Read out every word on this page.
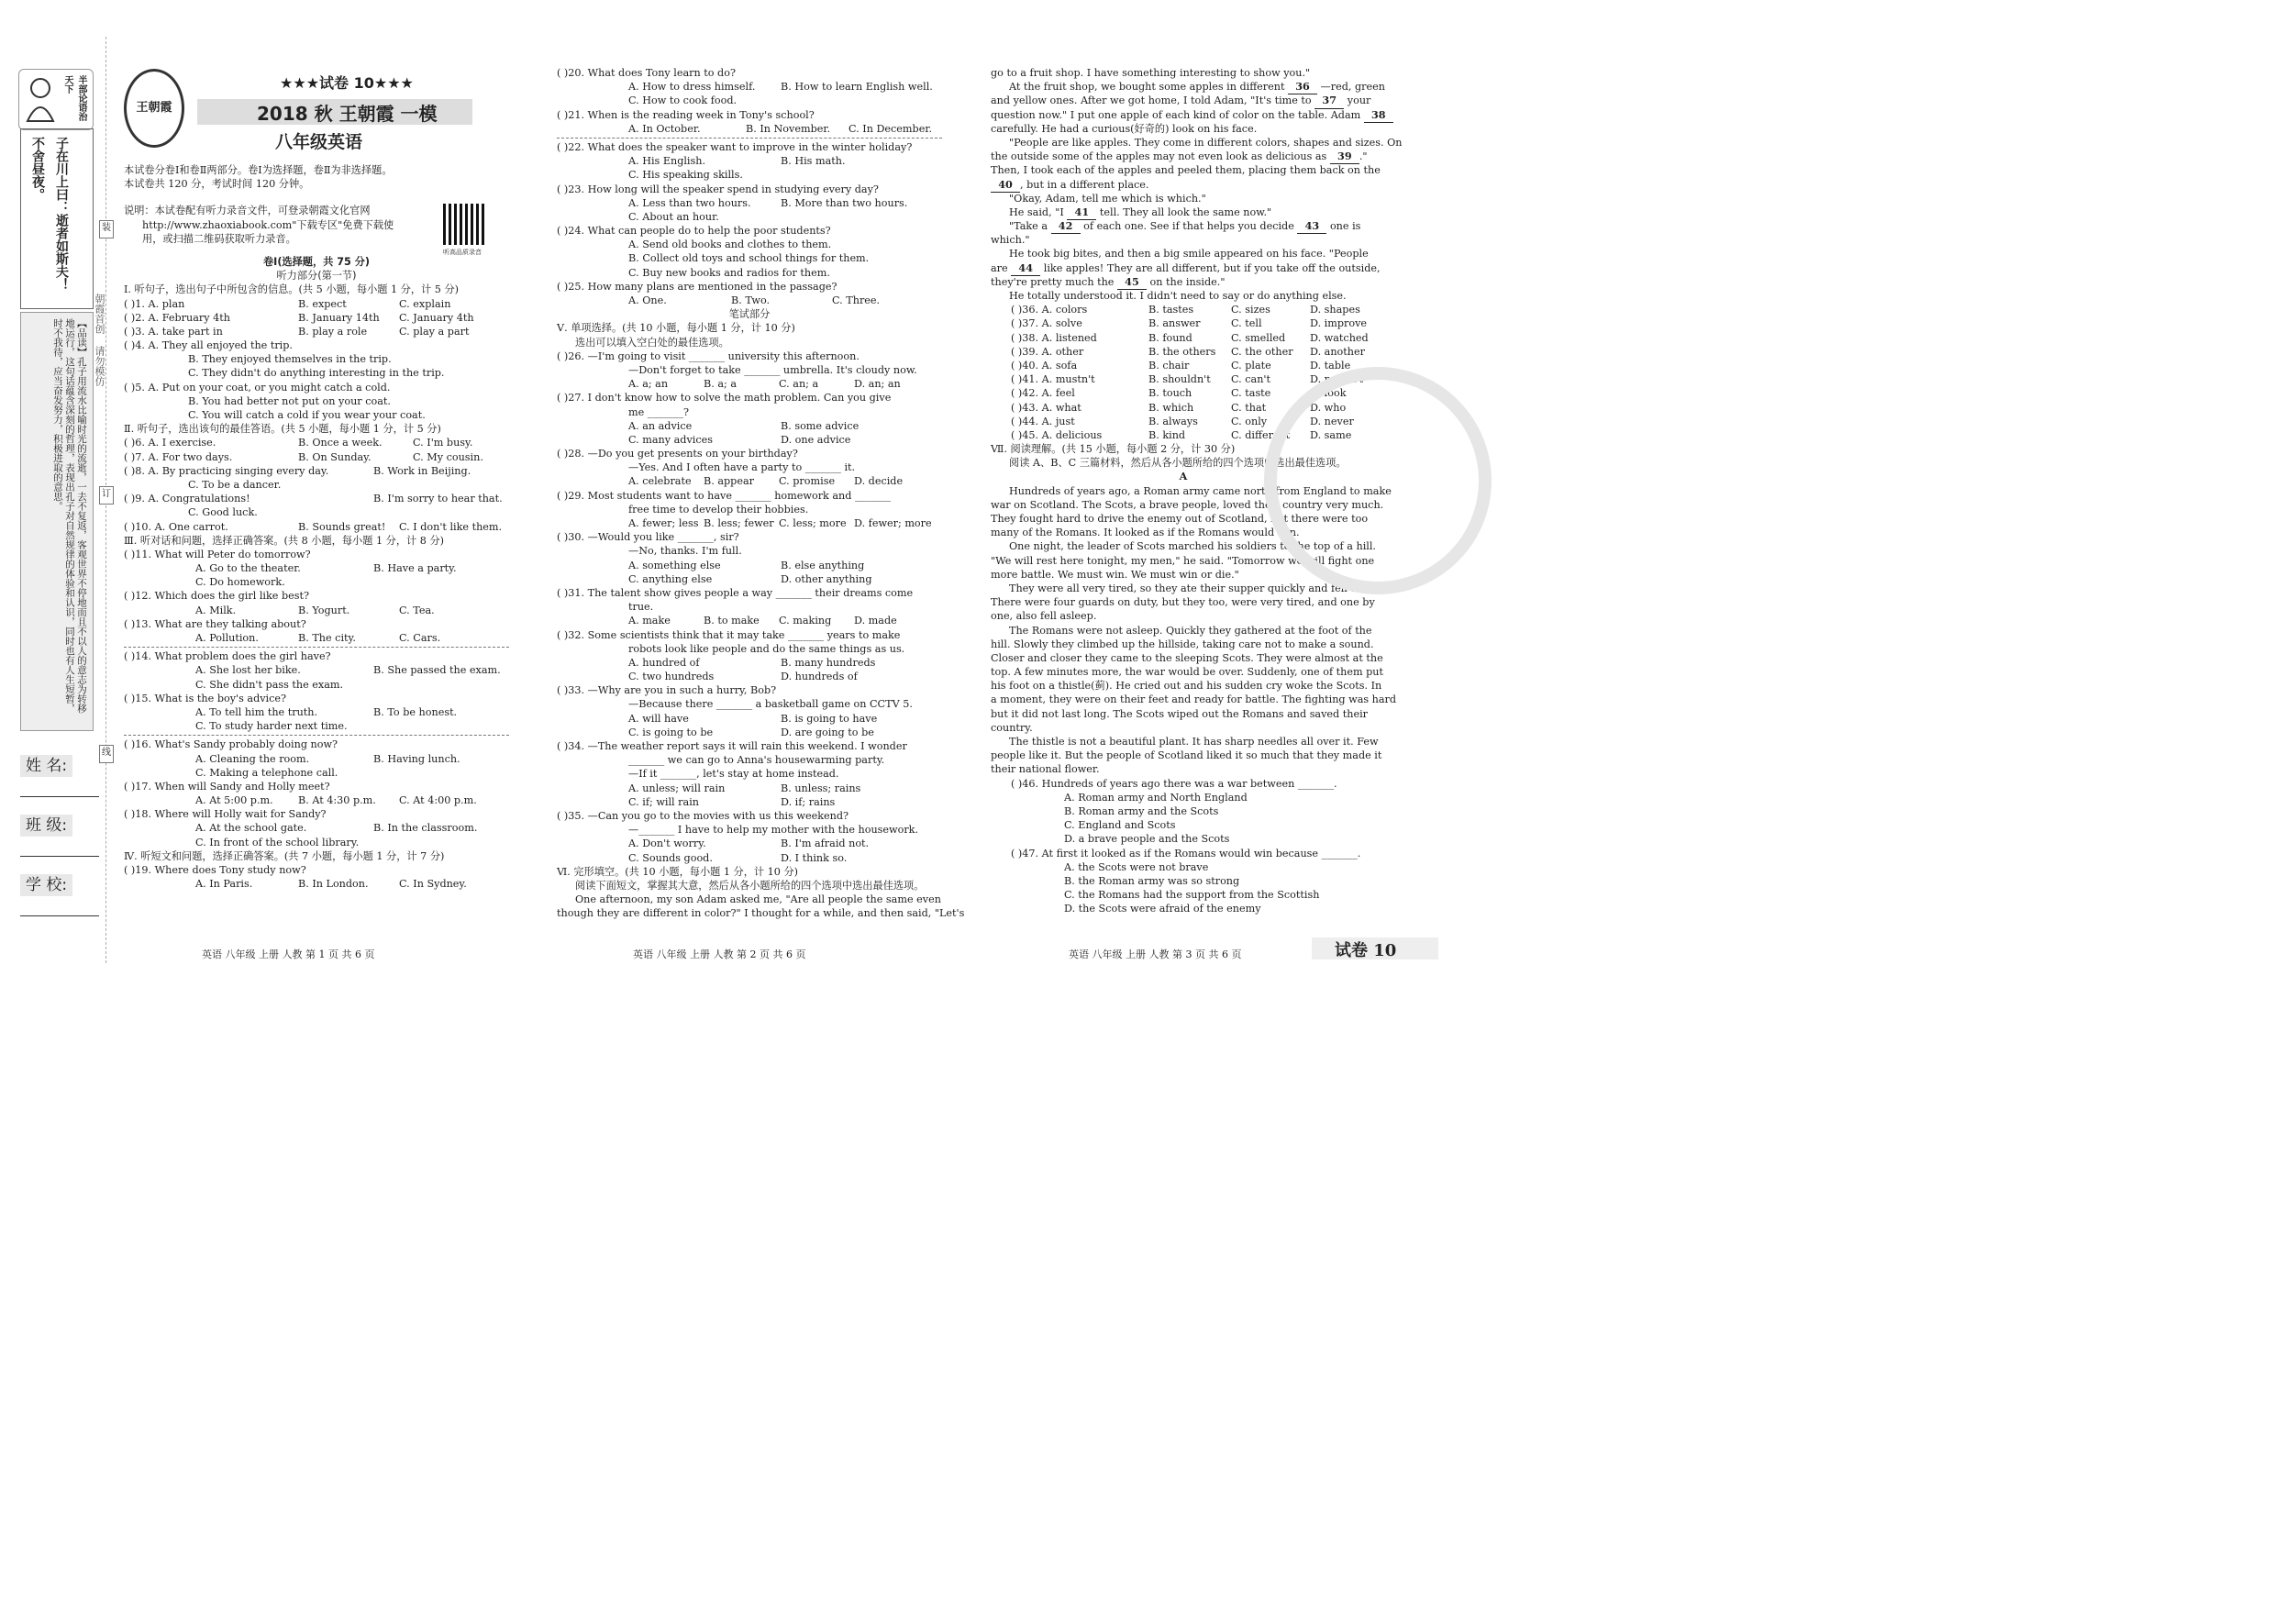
半部论语治天下
子在川上曰：逝者如斯夫！
不舍昼夜。
【品读】孔子用流水比喻时光的流逝，一去不复返，客观世界不停地而且不以人的意志为转移地运行，这句话蕴含深刻的哲理，表现出孔子对自然规律的体验和认识，同时也有人生短暂，时不我待，应当奋发努力，积极进取的意思。	朝霞首创 请勿模仿
装
订
线
姓 名:
班 级:
学 校:
王朝霞
★★★试卷 10★★★
2018 秋 王朝霞 一模
八年级英语
本试卷分卷Ⅰ和卷Ⅱ两部分。卷Ⅰ为选择题，卷Ⅱ为非选择题。
本试卷共 120 分，考试时间 120 分钟。
说明：本试卷配有听力录音文件，可登录朝霞文化官网
http://www.zhaoxiabook.com"下载专区"免费下载使
用，或扫描二维码获取听力录音。
卷Ⅰ(选择题，共 75 分)
听力部分(第一节)
Ⅰ. 听句子，选出句子中所包含的信息。(共 5 小题，每小题 1 分，计 5 分)
( )1. A. plan	B. expect	C. explain
( )2. A. February 4th	B. January 14th	C. January 4th
( )3. A. take part in	B. play a role	C. play a part
( )4. A. They all enjoyed the trip.
B. They enjoyed themselves in the trip.
C. They didn't do anything interesting in the trip.
( )5. A. Put on your coat, or you might catch a cold.
B. You had better not put on your coat.
C. You will catch a cold if you wear your coat.
Ⅱ. 听句子，选出该句的最佳答语。(共 5 小题，每小题 1 分，计 5 分)
( )6. A. I exercise.	B. Once a week.	C. I'm busy.
( )7. A. For two days.	B. On Sunday.	C. My cousin.
( )8. A. By practicing singing every day.	B. Work in Beijing.
C. To be a dancer.
( )9. A. Congratulations!	B. I'm sorry to hear that.
C. Good luck.
( )10. A. One carrot.	B. Sounds great!	C. I don't like them.
Ⅲ. 听对话和问题，选择正确答案。(共 8 小题，每小题 1 分，计 8 分)
( )11. What will Peter do tomorrow?
A. Go to the theater.	B. Have a party.
C. Do homework.
( )12. Which does the girl like best?
A. Milk.	B. Yogurt.	C. Tea.
( )13. What are they talking about?
A. Pollution.	B. The city.	C. Cars.
( )14. What problem does the girl have?
A. She lost her bike.	B. She passed the exam.
C. She didn't pass the exam.
( )15. What is the boy's advice?
A. To tell him the truth.	B. To be honest.
C. To study harder next time.
( )16. What's Sandy probably doing now?
A. Cleaning the room.	B. Having lunch.
C. Making a telephone call.
( )17. When will Sandy and Holly meet?
A. At 5:00 p.m.	B. At 4:30 p.m.	C. At 4:00 p.m.
( )18. Where will Holly wait for Sandy?
A. At the school gate.	B. In the classroom.
C. In front of the school library.
Ⅳ. 听短文和问题，选择正确答案。(共 7 小题，每小题 1 分，计 7 分)
( )19. Where does Tony study now?
A. In Paris.	B. In London.	C. In Sydney.
听高品质录音
( )20. What does Tony learn to do?
A. How to dress himself.	B. How to learn English well.
C. How to cook food.
( )21. When is the reading week in Tony's school?
A. In October.	B. In November.	C. In December.
( )22. What does the speaker want to improve in the winter holiday?
A. His English.	B. His math.
C. His speaking skills.
( )23. How long will the speaker spend in studying every day?
A. Less than two hours.	B. More than two hours.
C. About an hour.
( )24. What can people do to help the poor students?
A. Send old books and clothes to them.
B. Collect old toys and school things for them.
C. Buy new books and radios for them.
( )25. How many plans are mentioned in the passage?
A. One.	B. Two.	C. Three.
笔试部分
Ⅴ. 单项选择。(共 10 小题，每小题 1 分，计 10 分)
选出可以填入空白处的最佳选项。
( )26. —I'm going to visit _______ university this afternoon.
—Don't forget to take _______ umbrella. It's cloudy now.
A. a; an	B. a; a	C. an; a	D. an; an
( )27. I don't know how to solve the math problem. Can you give
me _______?
A. an advice	B. some advice
C. many advices	D. one advice
( )28. —Do you get presents on your birthday?
—Yes. And I often have a party to _______ it.
A. celebrate	B. appear	C. promise	D. decide
( )29. Most students want to have _______ homework and _______
free time to develop their hobbies.
A. fewer; less B. less; fewer C. less; more D. fewer; more
( )30. —Would you like _______, sir?
—No, thanks. I'm full.
A. something else	B. else anything
C. anything else	D. other anything
( )31. The talent show gives people a way _______ their dreams come
true.
A. make	B. to make	C. making	D. made
( )32. Some scientists think that it may take _______ years to make
robots look like people and do the same things as us.
A. hundred of	B. many hundreds
C. two hundreds	D. hundreds of
( )33. —Why are you in such a hurry, Bob?
—Because there _______ a basketball game on CCTV 5.
A. will have	B. is going to have
C. is going to be	D. are going to be
( )34. —The weather report says it will rain this weekend. I wonder
_______ we can go to Anna's housewarming party.
—If it _______, let's stay at home instead.
A. unless; will rain	B. unless; rains
C. if; will rain	D. if; rains
( )35. —Can you go to the movies with us this weekend?
—_______ I have to help my mother with the housework.
A. Don't worry.	B. I'm afraid not.
C. Sounds good.	D. I think so.
Ⅵ. 完形填空。(共 10 小题，每小题 1 分，计 10 分)
阅读下面短文，掌握其大意，然后从各小题所给的四个选项中选出最佳选项。
One afternoon, my son Adam asked me, "Are all people the same even
though they are different in color?" I thought for a while, and then said, "Let's
go to a fruit shop. I have something interesting to show you."
At the fruit shop, we bought some apples in different 36 —red, green
and yellow ones. After we got home, I told Adam, "It's time to 37 your
question now." I put one apple of each kind of color on the table. Adam 38
carefully. He had a curious(好奇的) look on his face.
"People are like apples. They come in different colors, shapes and sizes. On
the outside some of the apples may not even look as delicious as 39 ."
Then, I took each of the apples and peeled them, placing them back on the
40 , but in a different place.
"Okay, Adam, tell me which is which."
He said, "I 41 tell. They all look the same now."
"Take a 42 of each one. See if that helps you decide 43 one is
which."
He took big bites, and then a big smile appeared on his face. "People
are 44 like apples! They are all different, but if you take off the outside,
they're pretty much the 45 on the inside."
He totally understood it. I didn't need to say or do anything else.
( )36. A. colors	B. tastes	C. sizes	D. shapes
( )37. A. solve	B. answer	C. tell	D. improve
( )38. A. listened	B. found	C. smelled	D. watched
( )39. A. other	B. the others	C. the other	D. another
( )40. A. sofa	B. chair	C. plate	D. table
( )41. A. mustn't	B. shouldn't	C. can't	D. needn't
( )42. A. feel	B. touch	C. taste	D. look
( )43. A. what	B. which	C. that	D. who
( )44. A. just	B. always	C. only	D. never
( )45. A. delicious	B. kind	C. different	D. same
Ⅶ. 阅读理解。(共 15 小题，每小题 2 分，计 30 分)
阅读 A、B、C 三篇材料，然后从各小题所给的四个选项中选出最佳选项。
A
Hundreds of years ago, a Roman army came north from England to make
war on Scotland. The Scots, a brave people, loved their country very much.
They fought hard to drive the enemy out of Scotland, but there were too
many of the Romans. It looked as if the Romans would win.
One night, the leader of Scots marched his soldiers to the top of a hill.
"We will rest here tonight, my men," he said. "Tomorrow we will fight one
more battle. We must win. We must win or die."
They were all very tired, so they ate their supper quickly and fell asleep.
There were four guards on duty, but they too, were very tired, and one by
one, also fell asleep.
The Romans were not asleep. Quickly they gathered at the foot of the
hill. Slowly they climbed up the hillside, taking care not to make a sound.
Closer and closer they came to the sleeping Scots. They were almost at the
top. A few minutes more, the war would be over. Suddenly, one of them put
his foot on a thistle(蓟). He cried out and his sudden cry woke the Scots. In
a moment, they were on their feet and ready for battle. The fighting was hard
but it did not last long. The Scots wiped out the Romans and saved their
country.
The thistle is not a beautiful plant. It has sharp needles all over it. Few
people like it. But the people of Scotland liked it so much that they made it
their national flower.
( )46. Hundreds of years ago there was a war between _______.
A. Roman army and North England
B. Roman army and the Scots
C. England and Scots
D. a brave people and the Scots
( )47. At first it looked as if the Romans would win because _______.
A. the Scots were not brave
B. the Roman army was so strong
C. the Romans had the support from the Scottish
D. the Scots were afraid of the enemy
英语 八年级 上册 人教 第 1 页 共 6 页	英语 八年级 上册 人教 第 2 页 共 6 页	英语 八年级 上册 人教 第 3 页 共 6 页	试卷 10
